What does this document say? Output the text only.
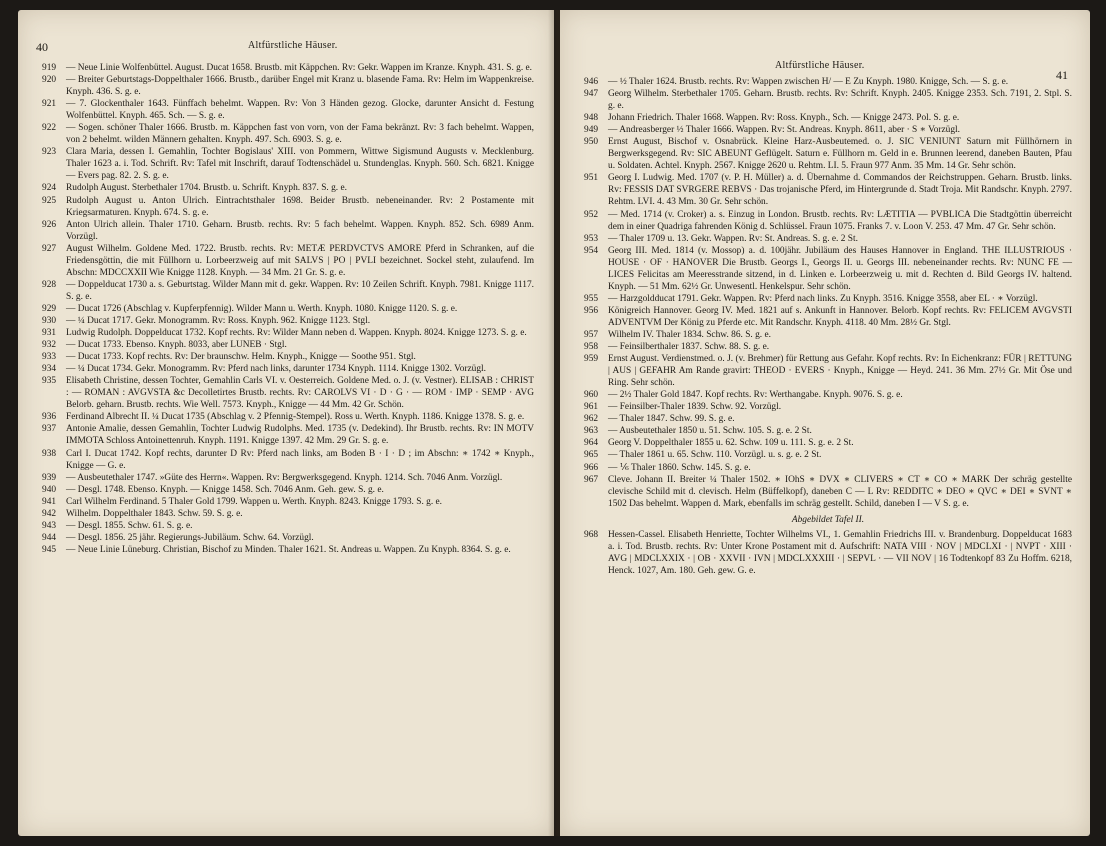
40	Altfürstliche Häuser.
919	— Neue Linie Wolfenbüttel. August. Ducat 1658. Brustb. mit Käppchen. Rv: Gekr. Wappen im Kranze. Knyph. 431. S. g. e.
920	— Breiter Geburtstags-Doppelthaler 1666. Brustb., darüber Engel mit Kranz u. blasende Fama. Rv: Helm im Wappenkreise. Knyph. 436. S. g. e.
921	— 7. Glockenthaler 1643. Fünffach behelmt. Wappen. Rv: Von 3 Händen gezog. Glocke, darunter Ansicht d. Festung Wolfenbüttel. Knyph. 465. Sch. — S. g. e.
922	— Sogen. schöner Thaler 1666. Brustb. m. Käppchen fast von vorn, von der Fama bekränzt. Rv: 3 fach behelmt. Wappen, von 2 behelmt. wilden Männern gehalten. Knyph. 497. Sch. 6903. S. g. e.
923	Clara Maria, dessen I. Gemahlin, Tochter Bogislaus' XIII. von Pommern, Wittwe Sigismund Augusts v. Mecklenburg. Thaler 1623 a. i. Tod. Schrift. Rv: Tafel mit Inschrift, darauf Todtenschädel u. Stundenglas. Knyph. 560. Sch. 6821. Knigge — Evers pag. 82. 2. S. g. e.
924	Rudolph August. Sterbethaler 1704. Brustb. u. Schrift. Knyph. 837. S. g. e.
925	Rudolph August u. Anton Ulrich. Eintrachtsthaler 1698. Beider Brustb. nebeneinander. Rv: 2 Postamente mit Kriegsarmaturen. Knyph. 674. S. g. e.
926	Anton Ulrich allein. Thaler 1710. Geharn. Brustb. rechts. Rv: 5 fach behelmt. Wappen. Knyph. 852. Sch. 6989 Anm. Vorzügl.
927	August Wilhelm. Goldene Med. 1722. Brustb. rechts. Rv: METÆ PERDVCTVS AMORE Pferd in Schranken, auf die Friedensgöttin, die mit Füllhorn u. Lorbeerzweig auf mit SALVS | PO | PVLI bezeichnet. Sockel steht, zulaufend. Im Abschn: MDCCXXII Wie Knigge 1128. Knyph. — 34 Mm. 21 Gr. S. g. e.
928	— Doppelducat 1730 a. s. Geburtstag. Wilder Mann mit d. gekr. Wappen. Rv: 10 Zeilen Schrift. Knyph. 7981. Knigge 1117. S. g. e.
929	— Ducat 1726 (Abschlag v. Kupferpfennig). Wilder Mann u. Werth. Knyph. 1080. Knigge 1120. S. g. e.
930	— ¼ Ducat 1717. Gekr. Monogramm. Rv: Ross. Knyph. 962. Knigge 1123. Stgl.
931	Ludwig Rudolph. Doppelducat 1732. Kopf rechts. Rv: Wilder Mann neben d. Wappen. Knyph. 8024. Knigge 1273. S. g. e.
932	— Ducat 1733. Ebenso. Knyph. 8033, aber LUNEB · Stgl.
933	— Ducat 1733. Kopf rechts. Rv: Der braunschw. Helm. Knyph., Knigge — Soothe 951. Stgl.
934	— ¼ Ducat 1734. Gekr. Monogramm. Rv: Pferd nach links, darunter 1734 Knyph. 1114. Knigge 1302. Vorzügl.
935	Elisabeth Christine, dessen Tochter, Gemahlin Carls VI. v. Oesterreich. Goldene Med. o. J. (v. Vestner). ELISAB : CHRIST : — ROMAN : AVGVSTA &c Decolletirtes Brustb. rechts. Rv: CAROLVS VI · D · G · — ROM · IMP · SEMP · AVG Belorb. geharn. Brustb. rechts. Wie Well. 7573. Knyph., Knigge — 44 Mm. 42 Gr. Schön.
936	Ferdinand Albrecht II. ¼ Ducat 1735 (Abschlag v. 2 Pfennig-Stempel). Ross u. Werth. Knyph. 1186. Knigge 1378. S. g. e.
937	Antonie Amalie, dessen Gemahlin, Tochter Ludwig Rudolphs. Med. 1735 (v. Dedekind). Ihr Brustb. rechts. Rv: IN MOTV IMMOTA Schloss Antoinettenruh. Knyph. 1191. Knigge 1397. 42 Mm. 29 Gr. S. g. e.
938	Carl I. Ducat 1742. Kopf rechts, darunter D Rv: Pferd nach links, am Boden B · I · D ; im Abschn: ∗ 1742 ∗ Knyph., Knigge — G. e.
939	— Ausbeutethaler 1747. »Güte des Herrn«. Wappen. Rv: Bergwerksgegend. Knyph. 1214. Sch. 7046 Anm. Vorzügl.
940	— Desgl. 1748. Ebenso. Knyph. — Knigge 1458. Sch. 7046 Anm. Geh. gew. S. g. e.
941	Carl Wilhelm Ferdinand. 5 Thaler Gold 1799. Wappen u. Werth. Knyph. 8243. Knigge 1793. S. g. e.
942	Wilhelm. Doppelthaler 1843. Schw. 59. S. g. e.
943	— Desgl. 1855. Schw. 61. S. g. e.
944	— Desgl. 1856. 25 jähr. Regierungs-Jubiläum. Schw. 64. Vorzügl.
945	— Neue Linie Lüneburg. Christian, Bischof zu Minden. Thaler 1621. St. Andreas u. Wappen. Zu Knyph. 8364. S. g. e.
Altfürstliche Häuser.
41
946	— ½ Thaler 1624. Brustb. rechts. Rv: Wappen zwischen H/ — E Zu Knyph. 1980. Knigge, Sch. — S. g. e.
947	Georg Wilhelm. Sterbethaler 1705. Geharn. Brustb. rechts. Rv: Schrift. Knyph. 2405. Knigge 2353. Sch. 7191, 2. Stpl. S. g. e.
948	Johann Friedrich. Thaler 1668. Wappen. Rv: Ross. Knyph., Sch. — Knigge 2473. Pol. S. g. e.
949	— Andreasberger ½ Thaler 1666. Wappen. Rv: St. Andreas. Knyph. 8611, aber · S ∗ Vorzügl.
950	Ernst August, Bischof v. Osnabrück. Kleine Harz-Ausbeutemed. o. J. SIC VENIUNT Saturn mit Füllhörnern in Bergwerksgegend. Rv: SIC ABEUNT Geflügelt. Saturn e. Füllhorn m. Geld in e. Brunnen leerend, daneben Bauten, Pfau u. Soldaten. Achtel. Knyph. 2567. Knigge 2620 u. Rehtm. LI. 5. Fraun 977 Anm. 35 Mm. 14 Gr. Sehr schön.
951	Georg I. Ludwig. Med. 1707 (v. P. H. Müller) a. d. Übernahme d. Commandos der Reichstruppen. Geharn. Brustb. links. Rv: FESSIS DAT SVRGERE REBVS · Das trojanische Pferd, im Hintergrunde d. Stadt Troja. Mit Randschr. Knyph. 2797. Rehtm. LVI. 4. 43 Mm. 30 Gr. Sehr schön.
952	— Med. 1714 (v. Croker) a. s. Einzug in London. Brustb. rechts. Rv: LÆTITIA — PVBLICA Die Stadtgöttin überreicht dem in einer Quadriga fahrenden König d. Schlüssel. Fraun 1075. Franks 7. v. Loon V. 253. 47 Mm. 47 Gr. Sehr schön.
953	— Thaler 1709 u. 13. Gekr. Wappen. Rv: St. Andreas. S. g. e. 2 St.
954	Georg III. Med. 1814 (v. Mossop) a. d. 100jähr. Jubiläum des Hauses Hannover in England. THE ILLUSTRIOUS · HOUSE · OF · HANOVER Die Brustb. Georgs I., Georgs II. u. Georgs III. nebeneinander rechts. Rv: NUNC FE — LICES Felicitas am Meeresstrande sitzend, in d. Linken e. Lorbeerzweig u. mit d. Rechten d. Bild Georgs IV. haltend. Knyph. — 51 Mm. 62½ Gr. Unwesentl. Henkelspur. Sehr schön.
955	— Harzgoldducat 1791. Gekr. Wappen. Rv: Pferd nach links. Zu Knyph. 3516. Knigge 3558, aber EL · ∗ Vorzügl.
956	Königreich Hannover. Georg IV. Med. 1821 auf s. Ankunft in Hannover. Belorb. Kopf rechts. Rv: FELICEM AVGVSTI ADVENTVM Der König zu Pferde etc. Mit Randschr. Knyph. 4118. 40 Mm. 28½ Gr. Stgl.
957	Wilhelm IV. Thaler 1834. Schw. 86. S. g. e.
958	— Feinsilberthaler 1837. Schw. 88. S. g. e.
959	Ernst August. Verdienstmed. o. J. (v. Brehmer) für Rettung aus Gefahr. Kopf rechts. Rv: In Eichenkranz: FÜR | RETTUNG | AUS | GEFAHR Am Rande gravirt: THEOD · EVERS · Knyph., Knigge — Heyd. 241. 36 Mm. 27½ Gr. Mit Öse und Ring. Sehr schön.
960	— 2½ Thaler Gold 1847. Kopf rechts. Rv: Werthangabe. Knyph. 9076. S. g. e.
961	— Feinsilber-Thaler 1839. Schw. 92. Vorzügl.
962	— Thaler 1847. Schw. 99. S. g. e.
963	— Ausbeutethaler 1850 u. 51. Schw. 105. S. g. e. 2 St.
964	Georg V. Doppelthaler 1855 u. 62. Schw. 109 u. 111. S. g. e. 2 St.
965	— Thaler 1861 u. 65. Schw. 110. Vorzügl. u. s. g. e. 2 St.
966	— ⅙ Thaler 1860. Schw. 145. S. g. e.
967	Cleve. Johann II. Breiter ¼ Thaler 1502. ∗ IOhS ∗ DVX ∗ CLIVERS ∗ CT ∗ CO ∗ MARK Der schräg gestellte clevische Schild mit d. clevisch. Helm (Büffelkopf), daneben C — L Rv: REDDITC ∗ DEO ∗ QVC ∗ DEI ∗ SVNT ∗ 1502 Das behelmt. Wappen d. Mark, ebenfalls im schräg gestellt. Schild, daneben I — V S. g. e.
Abgebildet Tafel II.
968	Hessen-Cassel. Elisabeth Henriette, Tochter Wilhelms VI., 1. Gemahlin Friedrichs III. v. Brandenburg. Doppelducat 1683 a. i. Tod. Brustb. rechts. Rv: Unter Krone Postament mit d. Aufschrift: NATA VIII · NOV | MDCLXI · | NVPT · XIII · AVG | MDCLXXIX · | OB · XXVII · IVN | MDCLXXXIII · | SEPVL · — VII NOV | 16 Todtenkopf 83 Zu Hoffm. 6218, Henck. 1027, Am. 180. Geh. gew. G. e.
